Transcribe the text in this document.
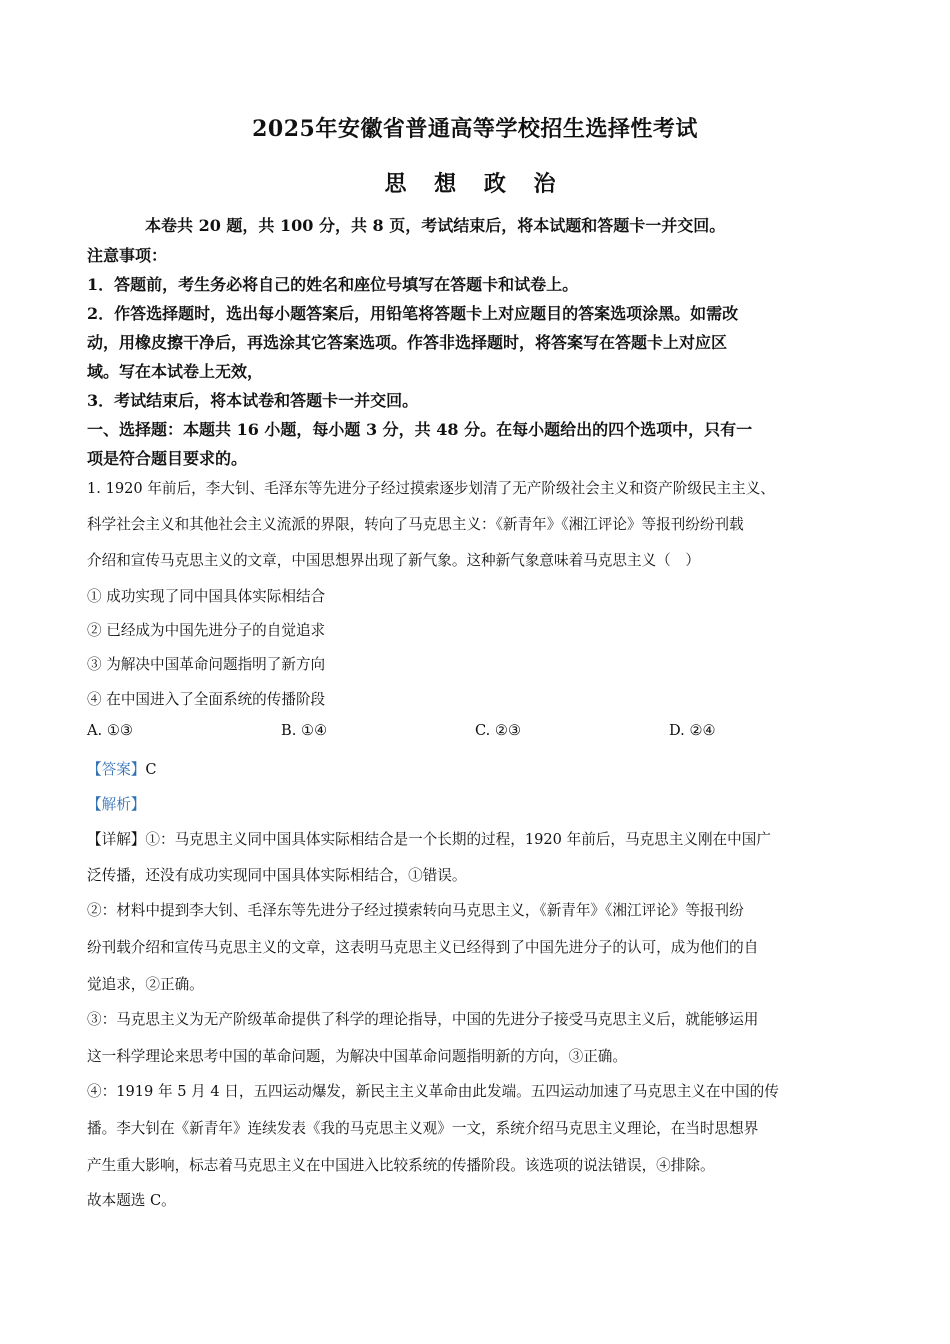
2025年安徽省普通高等学校招生选择性考试
思 想 政 治
本卷共 20 题，共 100 分，共 8 页，考试结束后，将本试题和答题卡一并交回。
注意事项：
1．答题前，考生务必将自己的姓名和座位号填写在答题卡和试卷上。
2．作答选择题时，选出每小题答案后，用铅笔将答题卡上对应题目的答案选项涂黑。如需改
动，用橡皮擦干净后，再选涂其它答案选项。作答非选择题时，将答案写在答题卡上对应区
域。写在本试卷上无效，
3．考试结束后，将本试卷和答题卡一并交回。
一、选择题：本题共 16 小题，每小题 3 分，共 48 分。在每小题给出的四个选项中，只有一
项是符合题目要求的。
1. 1920 年前后，李大钊、毛泽东等先进分子经过摸索逐步划清了无产阶级社会主义和资产阶级民主主义、
科学社会主义和其他社会主义流派的界限，转向了马克思主义：《新青年》《湘江评论》等报刊纷纷刊载
介绍和宣传马克思主义的文章，中国思想界出现了新气象。这种新气象意味着马克思主义（　）
① 成功实现了同中国具体实际相结合
② 已经成为中国先进分子的自觉追求
③ 为解决中国革命问题指明了新方向
④ 在中国进入了全面系统的传播阶段
A. ①③	B. ①④	C. ②③	D. ②④
【答案】C
【解析】
【详解】①：马克思主义同中国具体实际相结合是一个长期的过程，1920 年前后，马克思主义刚在中国广
泛传播，还没有成功实现同中国具体实际相结合，①错误。
②：材料中提到李大钊、毛泽东等先进分子经过摸索转向马克思主义，《新青年》《湘江评论》等报刊纷
纷刊载介绍和宣传马克思主义的文章，这表明马克思主义已经得到了中国先进分子的认可，成为他们的自
觉追求，②正确。
③：马克思主义为无产阶级革命提供了科学的理论指导，中国的先进分子接受马克思主义后，就能够运用
这一科学理论来思考中国的革命问题，为解决中国革命问题指明新的方向，③正确。
④：1919 年 5 月 4 日，五四运动爆发，新民主主义革命由此发端。五四运动加速了马克思主义在中国的传
播。李大钊在《新青年》连续发表《我的马克思主义观》一文，系统介绍马克思主义理论，在当时思想界
产生重大影响，标志着马克思主义在中国进入比较系统的传播阶段。该选项的说法错误，④排除。
故本题选 C。
